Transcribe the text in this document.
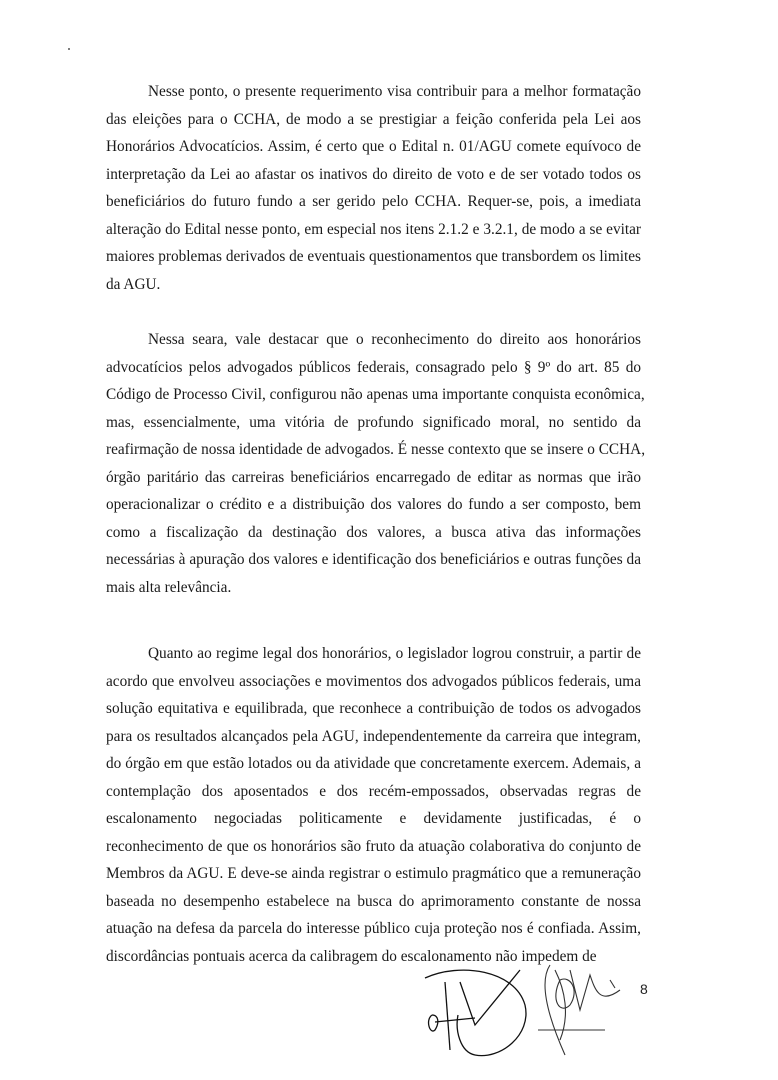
Nesse ponto, o presente requerimento visa contribuir para a melhor formatação
das eleições para o CCHA, de modo a se prestigiar a feição conferida pela Lei aos
Honorários Advocatícios. Assim, é certo que o Edital n. 01/AGU comete equívoco de
interpretação da Lei ao afastar os inativos do direito de voto e de ser votado todos os
beneficiários do futuro fundo a ser gerido pelo CCHA. Requer-se, pois, a imediata
alteração do Edital nesse ponto, em especial nos itens 2.1.2 e 3.2.1, de modo a se evitar
maiores problemas derivados de eventuais questionamentos que transbordem os limites
da AGU.
Nessa seara, vale destacar que o reconhecimento do direito aos honorários
advocatícios pelos advogados públicos federais, consagrado pelo § 9º do art. 85 do
Código de Processo Civil, configurou não apenas uma importante conquista econômica,
mas, essencialmente, uma vitória de profundo significado moral, no sentido da
reafirmação de nossa identidade de advogados. É nesse contexto que se insere o CCHA,
órgão paritário das carreiras beneficiários encarregado de editar as normas que irão
operacionalizar o crédito e a distribuição dos valores do fundo a ser composto, bem
como a fiscalização da destinação dos valores, a busca ativa das informações
necessárias à apuração dos valores e identificação dos beneficiários e outras funções da
mais alta relevância.
Quanto ao regime legal dos honorários, o legislador logrou construir, a partir de
acordo que envolveu associações e movimentos dos advogados públicos federais, uma
solução equitativa e equilibrada, que reconhece a contribuição de todos os advogados
para os resultados alcançados pela AGU, independentemente da carreira que integram,
do órgão em que estão lotados ou da atividade que concretamente exercem. Ademais, a
contemplação dos aposentados e dos recém-empossados, observadas regras de
escalonamento negociadas politicamente e devidamente justificadas, é o
reconhecimento de que os honorários são fruto da atuação colaborativa do conjunto de
Membros da AGU. E deve-se ainda registrar o estimulo pragmático que a remuneração
baseada no desempenho estabelece na busca do aprimoramento constante de nossa
atuação na defesa da parcela do interesse público cuja proteção nos é confiada. Assim,
discordâncias pontuais acerca da calibragem do escalonamento não impedem de
8
